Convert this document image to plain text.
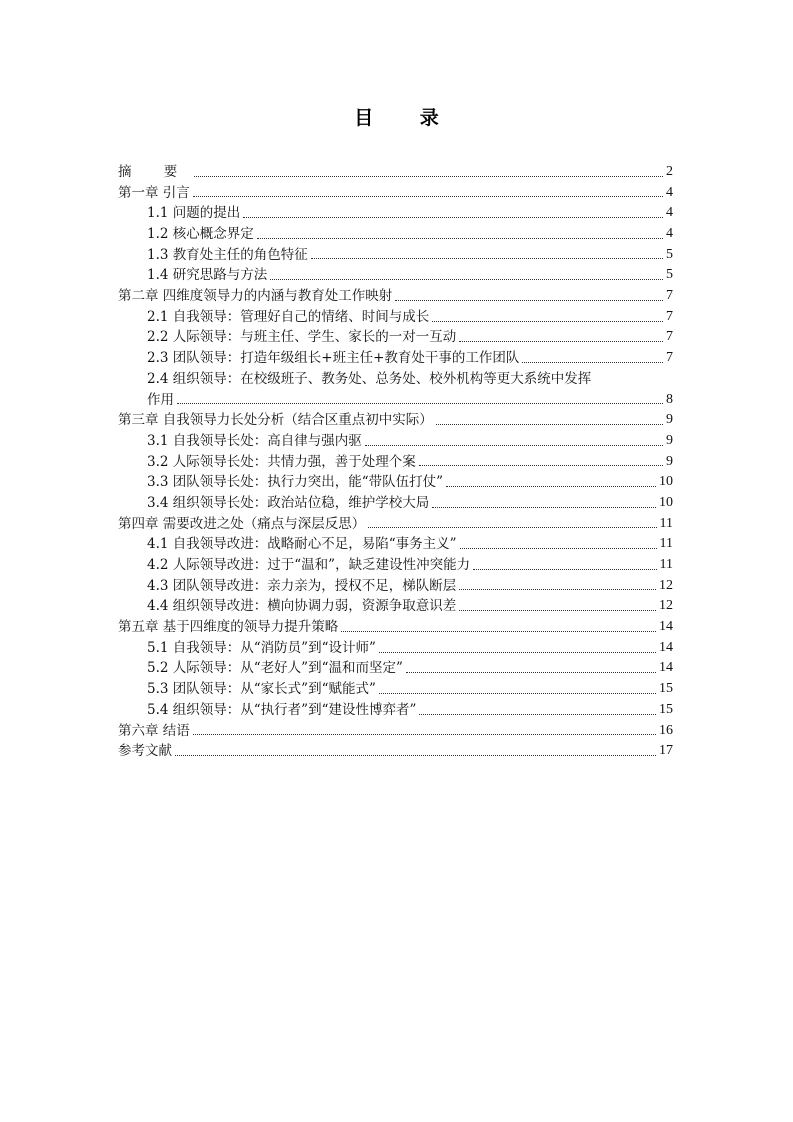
目 录
摘 要	2
第一章 引言	4
1.1 问题的提出	4
1.2 核心概念界定	4
1.3 教育处主任的角色特征	5
1.4 研究思路与方法	5
第二章 四维度领导力的内涵与教育处工作映射	7
2.1 自我领导：管理好自己的情绪、时间与成长	7
2.2 人际领导：与班主任、学生、家长的一对一互动	7
2.3 团队领导：打造年级组长+班主任+教育处干事的工作团队	7
2.4 组织领导：在校级班子、教务处、总务处、校外机构等更大系统中发挥
作用	8
第三章 自我领导力长处分析（结合区重点初中实际）	9
3.1 自我领导长处：高自律与强内驱	9
3.2 人际领导长处：共情力强，善于处理个案	9
3.3 团队领导长处：执行力突出，能“带队伍打仗”	10
3.4 组织领导长处：政治站位稳，维护学校大局	10
第四章 需要改进之处（痛点与深层反思）	11
4.1 自我领导改进：战略耐心不足，易陷“事务主义”	11
4.2 人际领导改进：过于“温和”，缺乏建设性冲突能力	11
4.3 团队领导改进：亲力亲为，授权不足，梯队断层	12
4.4 组织领导改进：横向协调力弱，资源争取意识差	12
第五章 基于四维度的领导力提升策略	14
5.1 自我领导：从“消防员”到“设计师”	14
5.2 人际领导：从“老好人”到“温和而坚定”	14
5.3 团队领导：从“家长式”到“赋能式”	15
5.4 组织领导：从“执行者”到“建设性博弈者”	15
第六章 结语	16
参考文献	17
